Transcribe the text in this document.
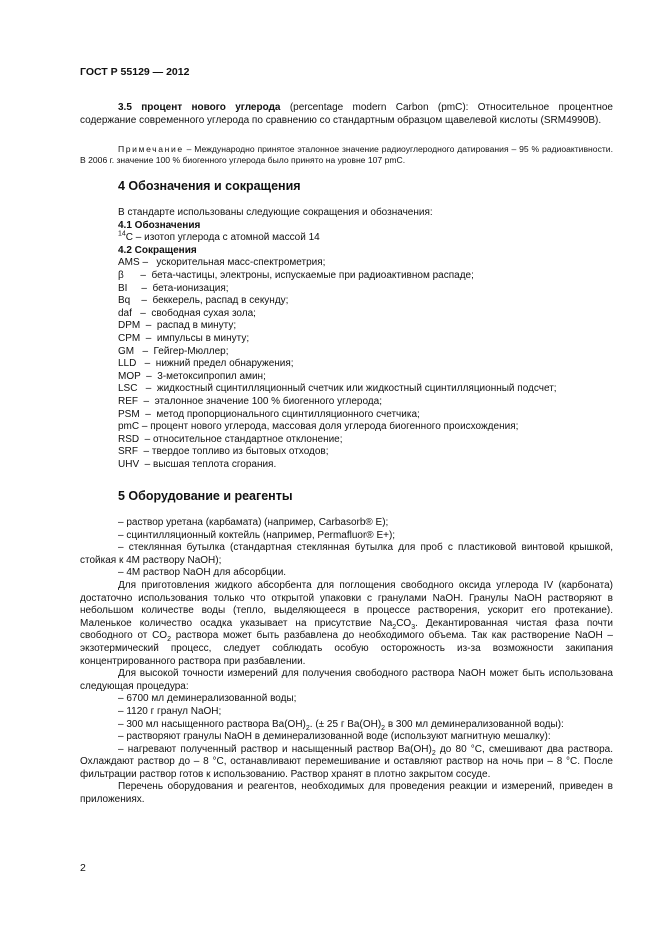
ГОСТ Р 55129 — 2012
3.5 процент нового углерода (percentage modern Carbon (pmC): Относительное процентное содержание современного углерода по сравнению со стандартным образцом щавелевой кислоты (SRM4990B).
Примечание – Международно принятое эталонное значение радиоуглеродного датирования – 95 % радиоактивности. В 2006 г. значение 100 % биогенного углерода было принято на уровне 107 pmC.
4 Обозначения и сокращения
В стандарте использованы следующие сокращения и обозначения:
4.1 Обозначения
$^{14}$C – изотоп углерода с атомной массой 14
4.2 Сокращения
AMS –   ускорительная масс-спектрометрия;
β      –  бета-частицы, электроны, испускаемые при радиоактивном распаде;
BI     –  бета-ионизация;
Bq    –  беккерель, распад в секунду;
daf   –  свободная сухая зола;
DPM  –  распад в минуту;
CPM  –  импульсы в минуту;
GM   –  Гейгер-Мюллер;
LLD   –  нижний предел обнаружения;
MOP  –  3-метоксипропил амин;
LSC   –  жидкостный сцинтилляционный счетчик или жидкостный сцинтилляционный подсчет;
REF  –  эталонное значение 100 % биогенного углерода;
PSM  –  метод пропорционального сцинтилляционного счетчика;
pmC – процент нового углерода, массовая доля углерода биогенного происхождения;
RSD  – относительное стандартное отклонение;
SRF  – твердое топливо из бытовых отходов;
UHV  – высшая теплота сгорания.
5 Оборудование и реагенты
– раствор уретана (карбамата) (например, Carbasorb® E);
– сцинтилляционный коктейль (например, Permafluor® E+);
– стеклянная бутылка (стандартная стеклянная бутылка для проб с пластиковой винтовой крышкой, стойкая к 4М раствору NaOH);
– 4М раствор NaOH для абсорбции.
Для приготовления жидкого абсорбента для поглощения свободного оксида углерода IV (карбоната) достаточно использования только что открытой упаковки с гранулами NaOH. Гранулы NaOH растворяют в небольшом количестве воды (тепло, выделяющееся в процессе растворения, ускорит его протекание). Маленькое количество осадка указывает на присутствие $Na_2CO_3$. Декантированная чистая фаза почти свободного от $CO_2$ раствора может быть разбавлена до необходимого объема. Так как растворение NaOH – экзотермический процесс, следует соблюдать особую осторожность из-за возможности закипания концентрированного раствора при разбавлении.
Для высокой точности измерений для получения свободного раствора NaOH может быть использована следующая процедура:
– 6700 мл деминерализованной воды;
– 1120 г гранул NaOH;
– 300 мл насыщенного раствора $Ba(OH)_2$. (± 25 г $Ba(OH)_2$ в 300 мл деминерализованной воды):
– растворяют гранулы NaOH в деминерализованной воде (используют магнитную мешалку):
– нагревают полученный раствор и насыщенный раствор $Ba(OH)_2$ до 80 °С, смешивают два раствора. Охлаждают раствор до – 8 °С, останавливают перемешивание и оставляют раствор на ночь при – 8 °С. После фильтрации раствор готов к использованию. Раствор хранят в плотно закрытом сосуде.
Перечень оборудования и реагентов, необходимых для проведения реакции и измерений, приведен в приложениях.
2
